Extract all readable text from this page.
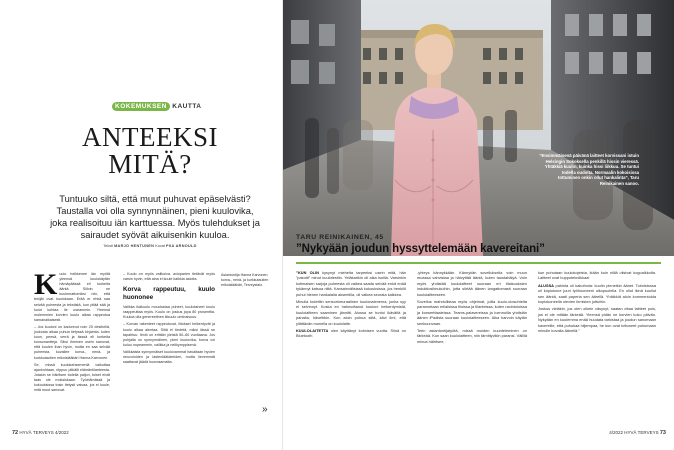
KOKEMUKSEN KAUTTA
ANTEEKSI
MITÄ?
Tuntuuko siltä, että muut puhuvat epäselvästi? Taustalla voi olla synnynnäinen, pieni kuulovika, joka realisoituu iän karttuessa. Myös tulehdukset ja sairaudet syövät aikuisenkin kuuloa.
Teksti MARJO HENTUNEN Kuvat PIIA ARNOULD
K uulo heikkenee iän myötä yleensä kuulokäytän hämäpäässä eli korkeita ääniä. Silloin ne kuulemattomiksi niin, että tekijät ovat kuulokaan. Erää er ehkä saa selvää puheesta ja tekstistä, kun pitää sää ja kulut kohtaa lie useammin. Yleensä molemmien korvien kuulo alkaa rappeutua samanaikaisesti.

– Jos kuuloni on kadonnut noin 25 desibeliä, joukosta alkaa puhua tietyssä kirjaimia, kuten koon, peesä, verrä ja ässsä eli korkeita konsonantteja. Siksi ihminen usein sanovat, että kuulen ihan hyvin, mutta en saa selvää puheesta, kuvailee korva-, nenä- ja kurkkutautien erikoislääkäri Hanna Karvonen.

Se, missä kuulokahsemeniä vaikuttaa ajankohtaan, riippuu pitkälti elämäntilanteesta. Jotakin se häiritsee todella paljon, toiset eivät taas ole moksiskaan. Työelämässä ja kokouksissa tosin tietysti vaivaa, jos ei kuule, mitä muut sanovat.

– Kuulo on myös valikoiva. avioparien tietävät myös varsin hyvin, että aina ei kuule kaikkia asioita.

Korva rappeutuu, kuulo huononee

Valikka ikäkuulo moudostaa puheet, kuulotaheet kuulo raappeuttaa myös. Kuulo on joskus jopa 80 prosenttia. Kuuloa olla genereetinen ikkuulo ominaisuus.

– Korvan rakenteet rappeutuvat, liitokset heikentyvät ja kuulo alkaa alentaa. Siitä ei tiedetä, miksi iässä se tapahtuu. Ilmiö on erittäin yleistä 50–60 vuotiaana. Jos pohjalla on synnynnäinen, pieni kuulovika, korva voi kuluu nopeammin, valikka ja nelikymppisenä.

Valikkaista synnynnäiset kuulovammat havaitaan hyvien neuvoloiden ja lastenlääkäreiden, mutta lievemmät saattavat jäädä huomaamatta.

Asiantuntija Hanna Karvonen korva-, nenä- ja kurkkutautien erikoislääkäri, Terveystalo.
»
72 HYVÄ TERVEYS 4/2022
”Ensimmäisenä päivänä laitteet korvissani istuin Helsingin Sokoksella penkillä hissin vieressä. Yhtäkkiä kuulin, kuinka hissi liikkuu. Se tuntui todella oudolta. Normaalin kokoisissa tottuminen onkin ollut hankalinta”, Taru Reinikainen sanoo.
TARU REINIKAINEN, 45
”Nykyään joudun hyssyttelemään kavereitani”

”KUN OLIN kysynyt miehelta tarpeeksi usein mitä, hän ”pakotti” minut kuulotestiin. Yeläkarikin oli aika isoilla. Varsinkin kotimaisen sarjoja puheesta oli vaikea saada selvää enkä enää tykännyt katsoa niitä. Kansainvälisissä kokouksissa, jos henkilö puhui hienen hankalalla aksentilla, oli vaikea seurata kaikkea.

Minulla todettiin sensorineuraalinen kuulonalenema, jonka syy ei selvinnyt. Koska en hahmottanut kuuloni heikentymistä, kuulolaitteen saaminen jännitti. Alussa se tuntui ikävältä ja pahalta, hävettikin. Kun aloin puhua siitä, kävi ilmi, että yllättävän monella on kuulolaite.

KUULOLAITETTA olen käyttänyt kolmisen vuotta. Siinä on Bluetooth

-yhteys kännykkään. Kännykän sovelluksella voin muun muassa vahvistaa ja häivyttää ääniä, kuten taustahälyä. Voin myös yhdistää kuulolaitteet suoraan eri tilaisuuksien induktiosilmukoihin, jotta siirtää äänen langattomasti suoraan kuulolaitteeseen.

Sovellus mahdollistaa myös ohjelmat, joilla kuulo-olosuhteita parannetaan erilaisissa tiloissa ja tilanteissa, kuten ravintoloissa ja konserttisaleissa. Teams-palavereissa ja luennoilla yhdistän äänen iPadista suoraan kuulolaitteeseen. Aika harvoin käytän senkuunvaan.

Teen asiantuntijatyötä, missä muiden kuunteleminen on tärkeää. Kun saan kuulolaitteen, niin tärnittyvikin paransi. Välillä minua häiritsee,

kun puhutaan kuulokojeista, ikään kuin niillä olisivat kogoalkkolta. Laitteet ovat hupputekniikkaa!

ALUSSA pahinta oli kakofonia: kuulin pienetkin äänet. Toimistossa oli kopiokone juuri työhuoneeni ulkopuolella. En ollut ikinä kuullut sen ääntä, saati paperia sen äärellä. Yhtäkkiä aloin kommentoida kopiokoneella olevien ihmisten juttuihin.

Joskus vieläkin, jos olen oikein väsynyt, saatan ottaa laitteet pois, jos ei ole mitään tärkeää. Yleensä pidän ne korvien koko päivän. Nykyään en kuulemma enää huudata tarkistaa ja joudun sanomaan kavereille, että puhukaa hiljempaa, he kun ovat tottuneet puhumaan minulle kovalla äänellä.”

4/2022 HYVÄ TERVEYS 73
